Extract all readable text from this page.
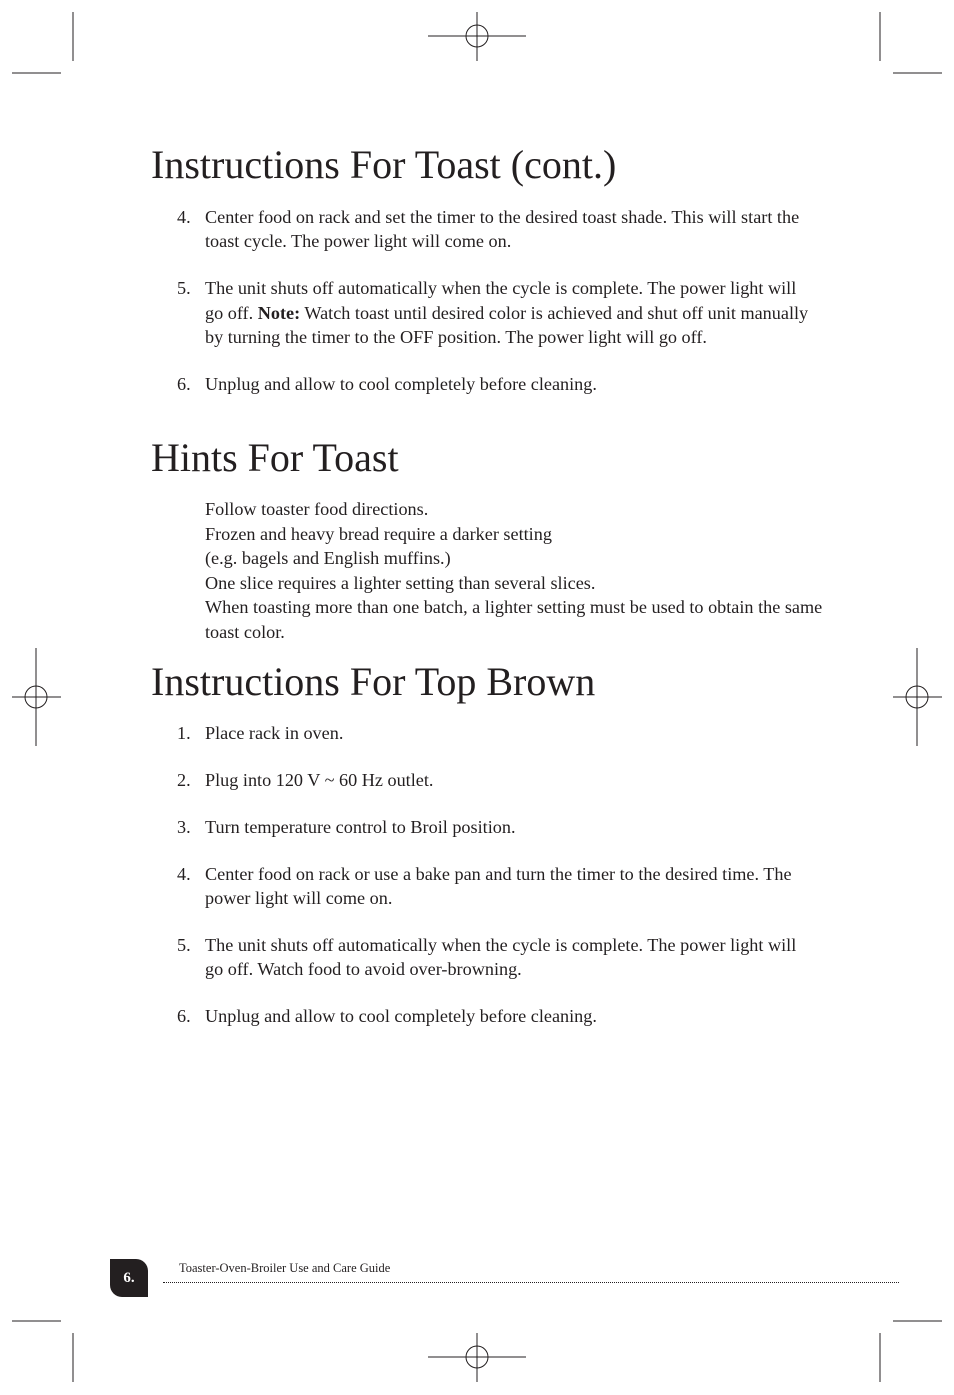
Instructions For Toast (cont.)
4. Center food on rack and set the timer to the desired toast shade. This will start the toast cycle. The power light will come on.
5. The unit shuts off automatically when the cycle is complete. The power light will go off. Note: Watch toast until desired color is achieved and shut off unit manually by turning the timer to the OFF position. The power light will go off.
6. Unplug and allow to cool completely before cleaning.
Hints For Toast

Follow toaster food directions.

Frozen and heavy bread require a darker setting

(e.g. bagels and English muffins.)

One slice requires a lighter setting than several slices.

When toasting more than one batch, a lighter setting must be used to obtain the same toast color.

Instructions For Top Brown
1. Place rack in oven.
2. Plug into 120 V ~ 60 Hz outlet.
3. Turn temperature control to Broil position.
4. Center food on rack or use a bake pan and turn the timer to the desired time. The power light will come on.
5. The unit shuts off automatically when the cycle is complete. The power light will go off. Watch food to avoid over-browning.
6. Unplug and allow to cool completely before cleaning.
6.
Toaster-Oven-Broiler Use and Care Guide
